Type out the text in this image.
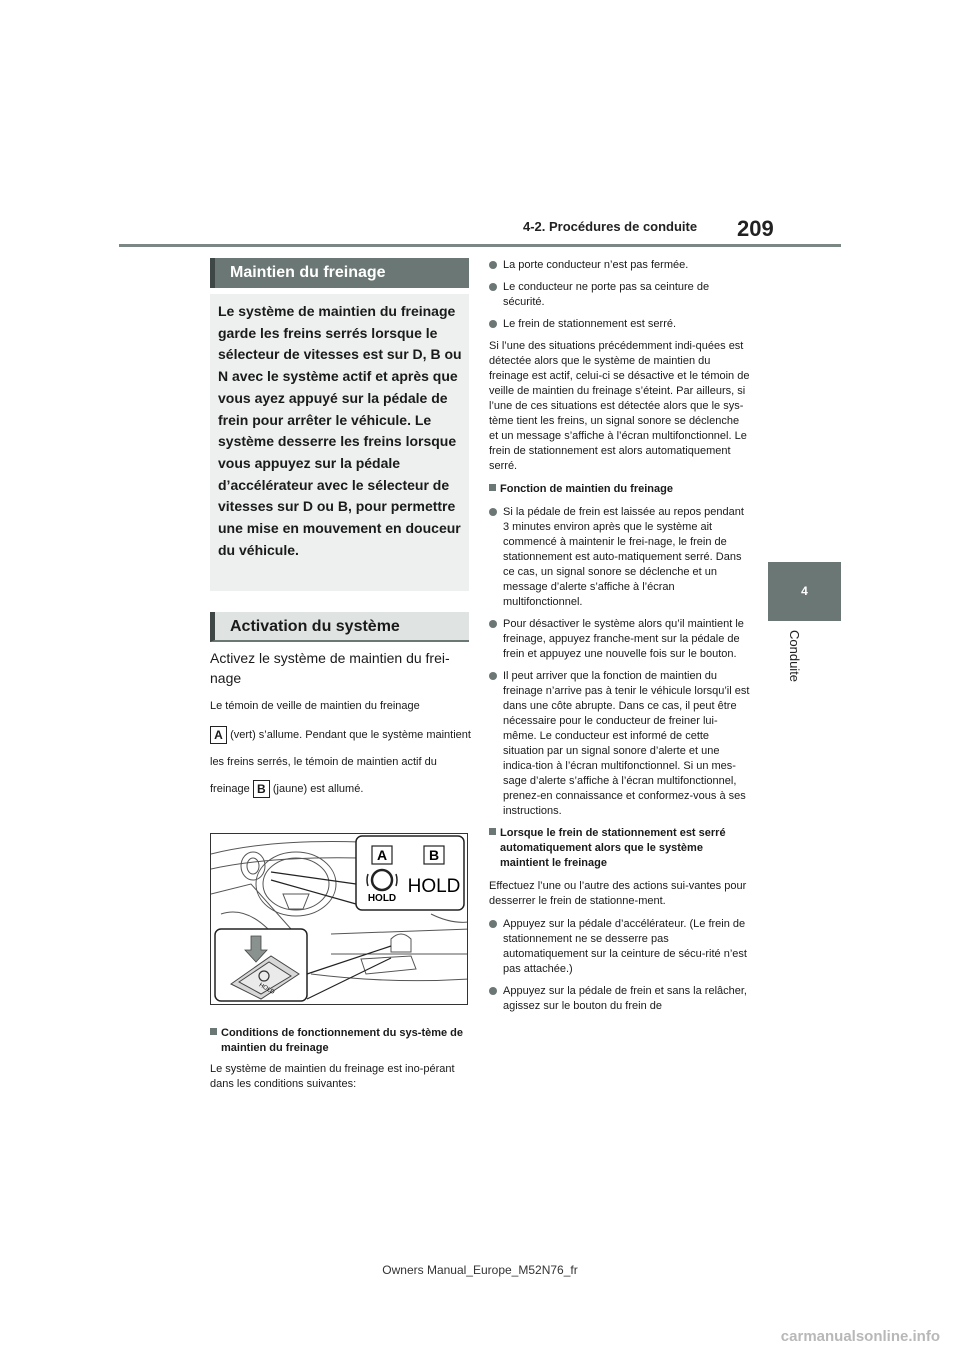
4-2. Procédures de conduite 209
4
Conduite
Maintien du freinage
Le système de maintien du freinage garde les freins serrés lorsque le sélecteur de vitesses est sur D, B ou N avec le système actif et après que vous ayez appuyé sur la pédale de frein pour arrêter le véhicule. Le système desserre les freins lorsque vous appuyez sur la pédale d’accélérateur avec le sélecteur de vitesses sur D ou B, pour permettre une mise en mouvement en douceur du véhicule.
Activation du système
Activez le système de maintien du frei-nage
Le témoin de veille de maintien du freinage
A (vert) s’allume. Pendant que le système maintient les freins serrés, le témoin de maintien actif du freinage B (jaune) est allumé.
A	B
HOLD
HOLD
HOLD
Conditions de fonctionnement du sys-tème de maintien du freinage
Le système de maintien du freinage est ino-pérant dans les conditions suivantes:
La porte conducteur n’est pas fermée.
Le conducteur ne porte pas sa ceinture de sécurité.
Le frein de stationnement est serré.
Si l’une des situations précédemment indi-quées est détectée alors que le système de maintien du freinage est actif, celui-ci se désactive et le témoin de veille de maintien du freinage s’éteint. Par ailleurs, si l’une de ces situations est détectée alors que le sys-tème tient les freins, un signal sonore se déclenche et un message s’affiche à l’écran multifonctionnel. Le frein de stationnement est alors automatiquement serré.
Fonction de maintien du freinage
Si la pédale de frein est laissée au repos pendant 3 minutes environ après que le système ait commencé à maintenir le frei-nage, le frein de stationnement est auto-matiquement serré. Dans ce cas, un signal sonore se déclenche et un message d’alerte s’affiche à l’écran multifonctionnel.
Pour désactiver le système alors qu’il maintient le freinage, appuyez franche-ment sur la pédale de frein et appuyez une nouvelle fois sur le bouton.
Il peut arriver que la fonction de maintien du freinage n’arrive pas à tenir le véhicule lorsqu’il est dans une côte abrupte. Dans ce cas, il peut être nécessaire pour le conducteur de freiner lui-même. Le conducteur est informé de cette situation par un signal sonore d’alerte et une indica-tion à l’écran multifonctionnel. Si un mes-sage d’alerte s’affiche à l’écran multifonctionnel, prenez-en connaissance et conformez-vous à ses instructions.
Lorsque le frein de stationnement est serré automatiquement alors que le système maintient le freinage
Effectuez l’une ou l’autre des actions sui-vantes pour desserrer le frein de stationne-ment.
Appuyez sur la pédale d’accélérateur. (Le frein de stationnement ne se desserre pas automatiquement sur la ceinture de sécu-rité n’est pas attachée.)
Appuyez sur la pédale de frein et sans la relâcher, agissez sur le bouton du frein de
Owners Manual_Europe_M52N76_fr
carmanualsonline.info
